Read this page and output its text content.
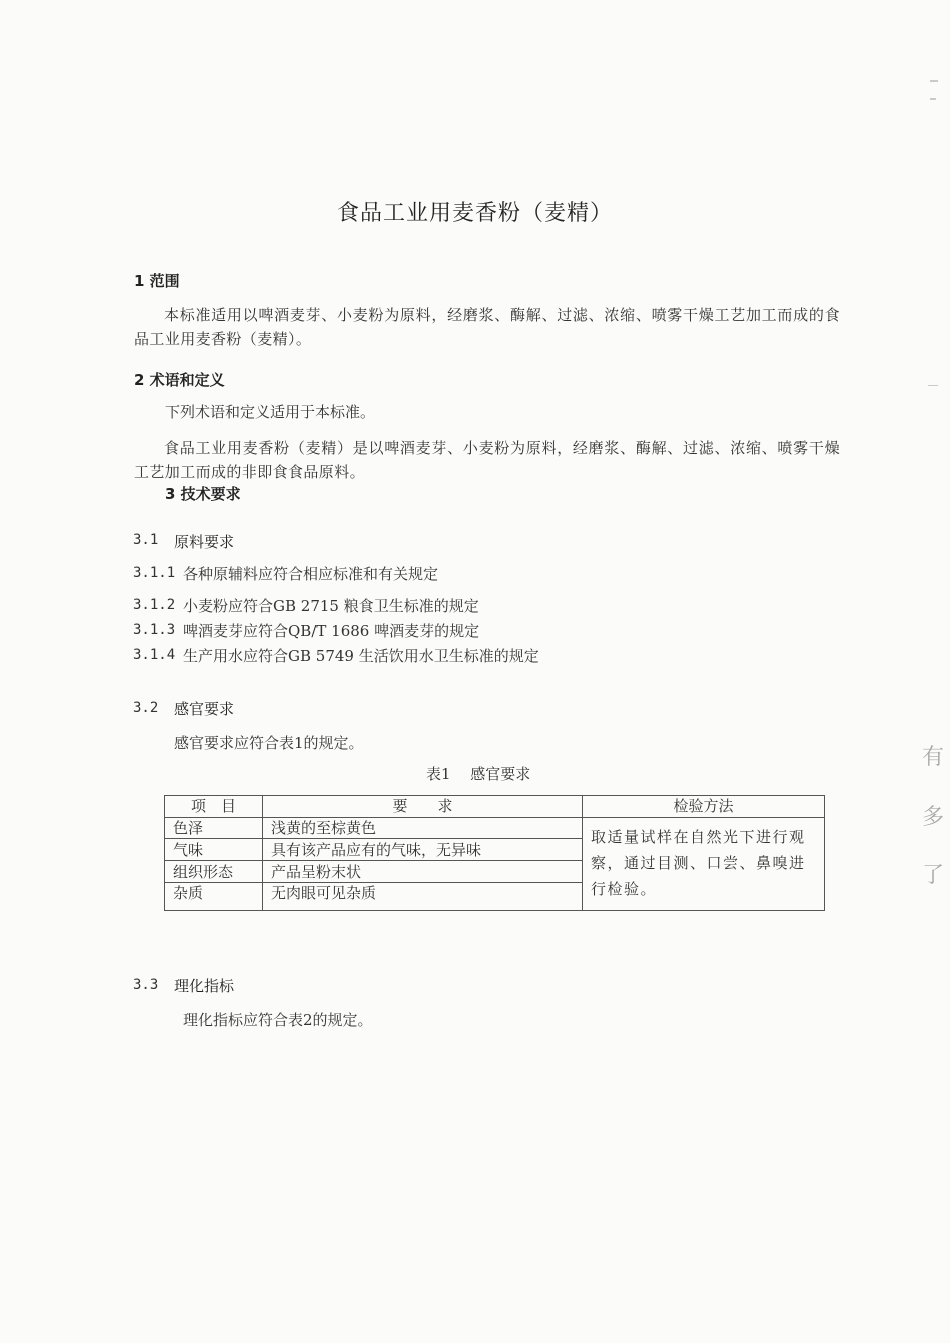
食品工业用麦香粉（麦精）
1 范围
本标准适用以啤酒麦芽、小麦粉为原料，经磨浆、酶解、过滤、浓缩、喷雾干燥工艺加工而成的食品工业用麦香粉（麦精）。
2 术语和定义
下列术语和定义适用于本标准。
食品工业用麦香粉（麦精）是以啤酒麦芽、小麦粉为原料，经磨浆、酶解、过滤、浓缩、喷雾干燥工艺加工而成的非即食食品原料。
3 技术要求
3.1 原料要求
3.1.1 各种原辅料应符合相应标准和有关规定
3.1.2 小麦粉应符合GB 2715 粮食卫生标准的规定
3.1.3 啤酒麦芽应符合QB/T 1686 啤酒麦芽的规定
3.1.4 生产用水应符合GB 5749 生活饮用水卫生标准的规定
3.2 感官要求
感官要求应符合表1的规定。
表1　 感官要求
项　目	要　　求	检验方法
色泽	浅黄的至棕黄色	取适量试样在自然光下进行观察，通过目测、口尝、鼻嗅进行检验。
气味	具有该产品应有的气味，无异味	
组织形态	产品呈粉末状	
杂质	无肉眼可见杂质	
3.3 理化指标
理化指标应符合表2的规定。
有
多
了
